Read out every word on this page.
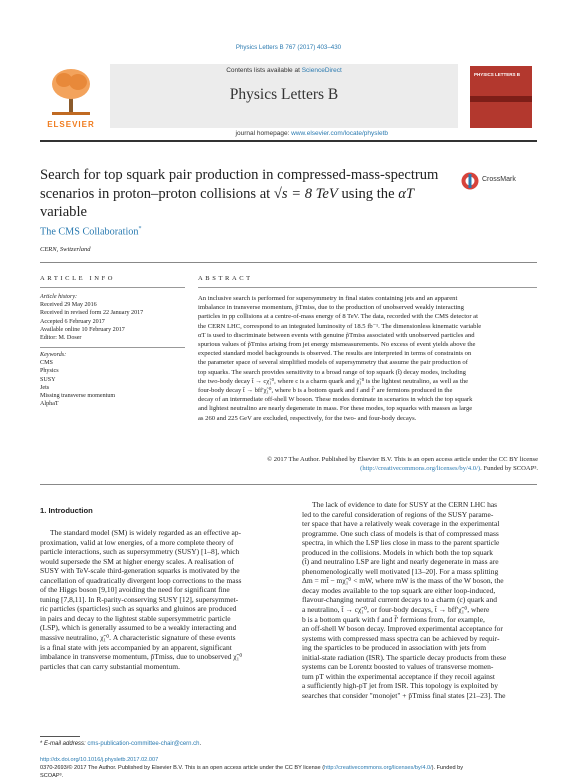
Physics Letters B 767 (2017) 403–430
ELSEVIER
Contents lists available at ScienceDirect
Physics Letters B
journal homepage: www.elsevier.com/locate/physletb
PHYSICS LETTERS B
Search for top squark pair production in compressed-mass-spectrum
scenarios in proton–proton collisions at √s = 8 TeV using the αT
variable
CrossMark
The CMS Collaboration*
CERN, Switzerland
ARTICLE INFO
Article history:
Received 29 May 2016
Received in revised form 22 January 2017
Accepted 6 February 2017
Available online 10 February 2017
Editor: M. Doser
Keywords:
CMS
Physics
SUSY
Jets
Missing transverse momentum
AlphaT
ABSTRACT
An inclusive search is performed for supersymmetry in final states containing jets and an apparent
imbalance in transverse momentum, p̃Tmiss, due to the production of unobserved weakly interacting
particles in pp collisions at a centre-of-mass energy of 8 TeV. The data, recorded with the CMS detector at
the CERN LHC, correspond to an integrated luminosity of 18.5 fb⁻¹. The dimensionless kinematic variable
αT is used to discriminate between events with genuine p̃Tmiss associated with unobserved particles and
spurious values of p̃Tmiss arising from jet energy mismeasurements. No excess of event yields above the
expected standard model backgrounds is observed. The results are interpreted in terms of constraints on
the parameter space of several simplified models of supersymmetry that assume the pair production of
top squarks. The search provides sensitivity to a broad range of top squark (t̃) decay modes, including
the two-body decay t̃ → cχ̃₁⁰, where c is a charm quark and χ̃₁⁰ is the lightest neutralino, as well as the
four-body decay t̃ → bff′χ̃₁⁰, where b is a bottom quark and f and f̄′ are fermions produced in the
decay of an intermediate off-shell W boson. These modes dominate in scenarios in which the top squark
and lightest neutralino are nearly degenerate in mass. For these modes, top squarks with masses as large
as 260 and 225 GeV are excluded, respectively, for the two- and four-body decays.
© 2017 The Author. Published by Elsevier B.V. This is an open access article under the CC BY license
(http://creativecommons.org/licenses/by/4.0/). Funded by SCOAP³.
1. Introduction
The standard model (SM) is widely regarded as an effective ap-
proximation, valid at low energies, of a more complete theory of
particle interactions, such as supersymmetry (SUSY) [1–8], which
would supersede the SM at higher energy scales. A realisation of
SUSY with TeV-scale third-generation squarks is motivated by the
cancellation of quadratically divergent loop corrections to the mass
of the Higgs boson [9,10] avoiding the need for significant fine
tuning [7,8,11]. In R-parity-conserving SUSY [12], supersymmet-
ric particles (sparticles) such as squarks and gluinos are produced
in pairs and decay to the lightest stable supersymmetric particle
(LSP), which is generally assumed to be a weakly interacting and
massive neutralino, χ̃₁⁰. A characteristic signature of these events
is a final state with jets accompanied by an apparent, significant
imbalance in transverse momentum, p̃Tmiss, due to unobserved χ̃₁⁰
particles that can carry substantial momentum.
The lack of evidence to date for SUSY at the CERN LHC has
led to the careful consideration of regions of the SUSY parame-
ter space that have a relatively weak coverage in the experimental
programme. One such class of models is that of compressed mass
spectra, in which the LSP lies close in mass to the parent sparticle
produced in the collisions. Models in which both the top squark
(t̃) and neutralino LSP are light and nearly degenerate in mass are
phenomenologically well motivated [13–20]. For a mass splitting
Δm = mt̃ − mχ̃₁⁰ < mW, where mW is the mass of the W boson, the
decay modes available to the top squark are either loop-induced,
flavour-changing neutral current decays to a charm (c) quark and
a neutralino, t̃ → cχ̃₁⁰, or four-body decays, t̃ → bff′χ̃₁⁰, where
b is a bottom quark with f and f̄′ fermions from, for example,
an off-shell W boson decay. Improved experimental acceptance for
systems with compressed mass spectra can be achieved by requir-
ing the sparticles to be produced in association with jets from
initial-state radiation (ISR). The sparticle decay products from these
systems can be Lorentz boosted to values of transverse momen-
tum pT within the experimental acceptance if they recoil against
a sufficiently high-pT jet from ISR. This topology is exploited by
searches that consider "monojet" + p̃Tmiss final states [21–23]. The
* E-mail address: cms-publication-committee-chair@cern.ch.
http://dx.doi.org/10.1016/j.physletb.2017.02.007
0370-2693/© 2017 The Author. Published by Elsevier B.V. This is an open access article under the CC BY license (http://creativecommons.org/licenses/by/4.0/). Funded by
SCOAP³.
